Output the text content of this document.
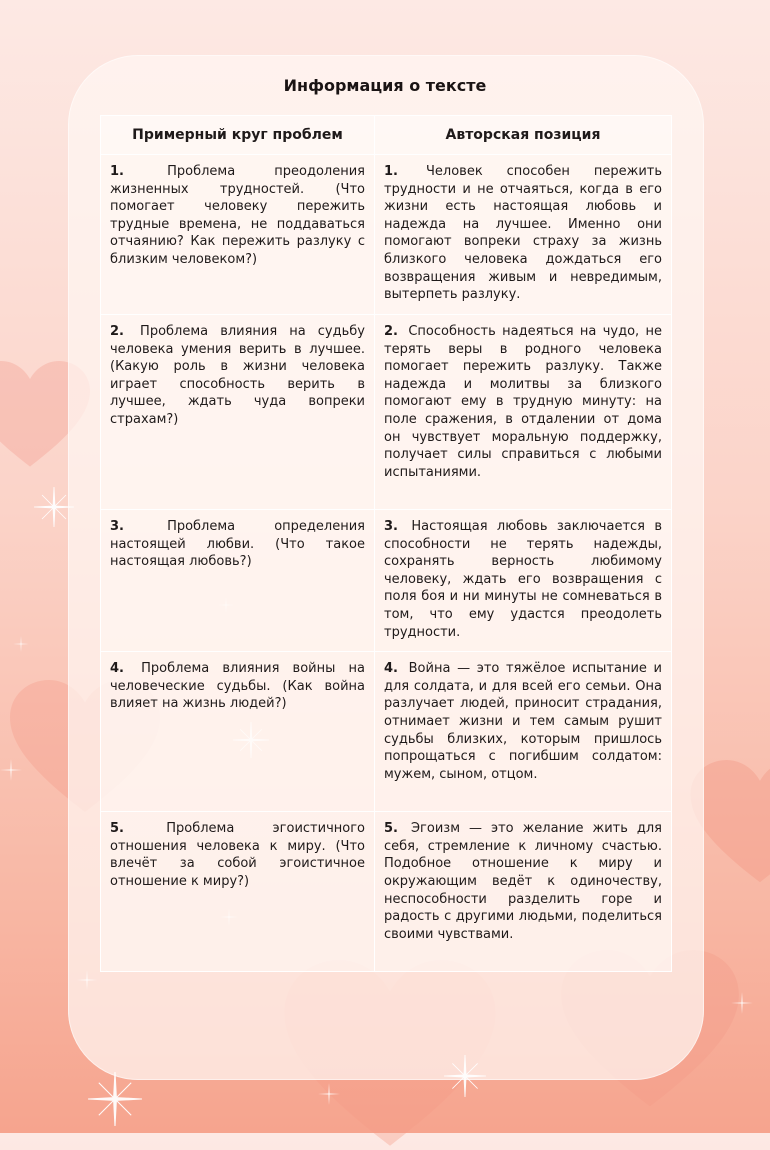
Информация о тексте
Примерный круг проблем	Авторская позиция
1. Проблема преодоления жизненных трудностей. (Что помогает человеку пережить трудные времена, не поддаваться отчаянию? Как пережить разлуку с близким человеком?)	1. Человек способен пережить трудности и не отчаяться, когда в его жизни есть настоящая любовь и надежда на лучшее. Именно они помогают вопреки страху за жизнь близкого человека дождаться его возвращения живым и невредимым, вытерпеть разлуку.
2. Проблема влияния на судьбу человека умения верить в лучшее. (Какую роль в жизни человека играет способность верить в лучшее, ждать чуда вопреки страхам?)	2. Способность надеяться на чудо, не терять веры в родного человека помогает пережить разлуку. Также надежда и молитвы за близкого помогают ему в трудную минуту: на поле сражения, в отдалении от дома он чувствует моральную поддержку, получает силы справиться с любыми испытаниями.
3. Проблема определения настоящей любви. (Что такое настоящая любовь?)	3. Настоящая любовь заключается в способности не терять надежды, сохранять верность любимому человеку, ждать его возвращения с поля боя и ни минуты не сомневаться в том, что ему удастся преодолеть трудности.
4. Проблема влияния войны на человеческие судьбы. (Как война влияет на жизнь людей?)	4. Война — это тяжёлое испытание и для солдата, и для всей его семьи. Она разлучает людей, приносит страдания, отнимает жизни и тем самым рушит судьбы близких, которым пришлось попрощаться с погибшим солдатом: мужем, сыном, отцом.
5. Проблема эгоистичного отношения человека к миру. (Что влечёт за собой эгоистичное отношение к миру?)	5. Эгоизм — это желание жить для себя, стремление к личному счастью. Подобное отношение к миру и окружающим ведёт к одиночеству, неспособности разделить горе и радость с другими людьми, поделиться своими чувствами.
